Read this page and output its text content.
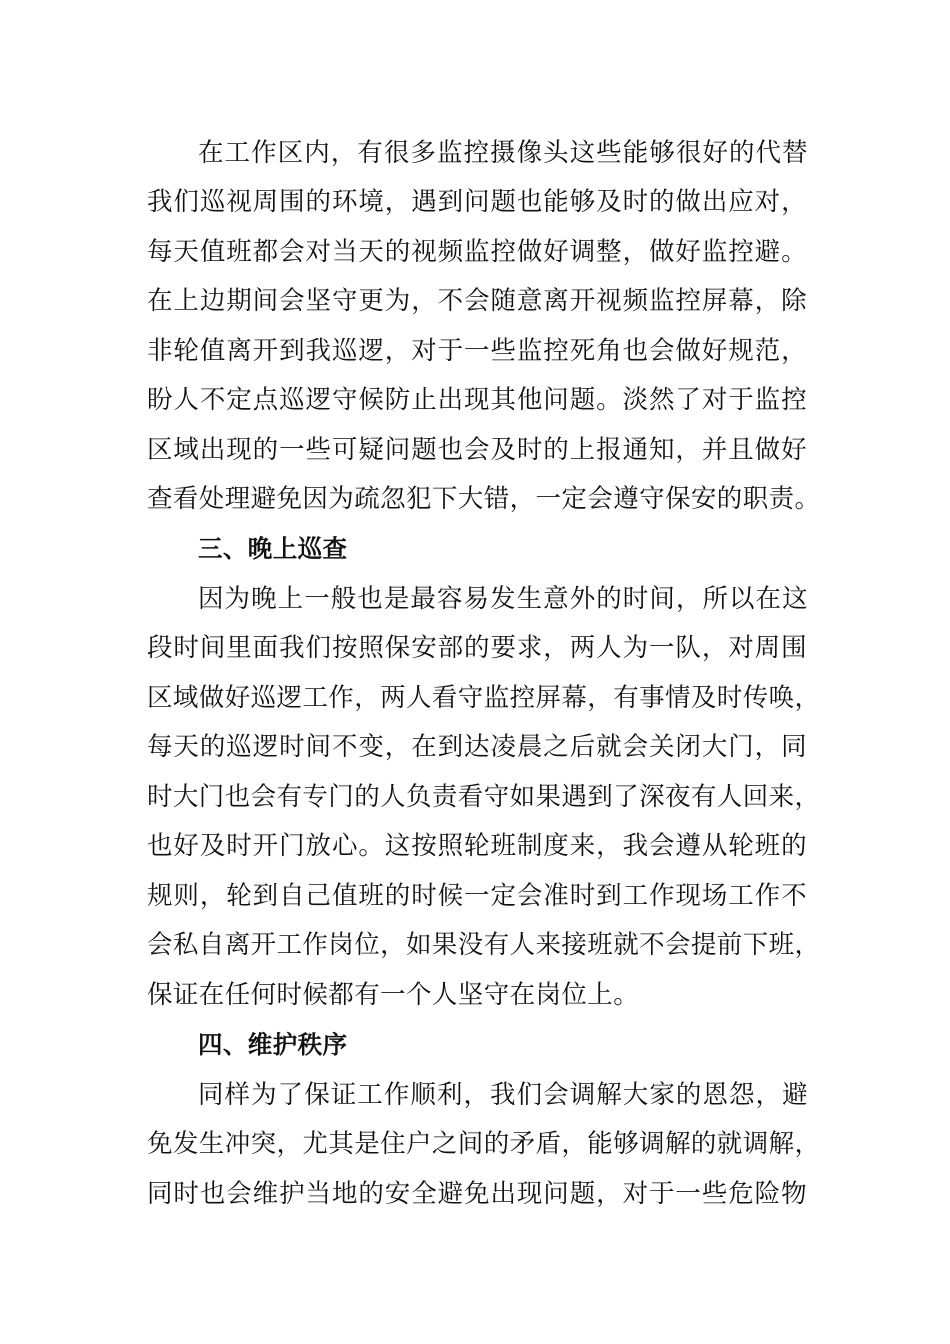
在工作区内，有很多监控摄像头这些能够很好的代替
我们巡视周围的环境，遇到问题也能够及时的做出应对，
每天值班都会对当天的视频监控做好调整，做好监控避。
在上边期间会坚守更为，不会随意离开视频监控屏幕，除
非轮值离开到我巡逻，对于一些监控死角也会做好规范，
盼人不定点巡逻守候防止出现其他问题。淡然了对于监控
区域出现的一些可疑问题也会及时的上报通知，并且做好
查看处理避免因为疏忽犯下大错，一定会遵守保安的职责。
三、晚上巡查
因为晚上一般也是最容易发生意外的时间，所以在这
段时间里面我们按照保安部的要求，两人为一队，对周围
区域做好巡逻工作，两人看守监控屏幕，有事情及时传唤，
每天的巡逻时间不变，在到达凌晨之后就会关闭大门，同
时大门也会有专门的人负责看守如果遇到了深夜有人回来，
也好及时开门放心。这按照轮班制度来，我会遵从轮班的
规则，轮到自己值班的时候一定会准时到工作现场工作不
会私自离开工作岗位，如果没有人来接班就不会提前下班，
保证在任何时候都有一个人坚守在岗位上。
四、维护秩序
同样为了保证工作顺利，我们会调解大家的恩怨，避
免发生冲突，尤其是住户之间的矛盾，能够调解的就调解，
同时也会维护当地的安全避免出现问题，对于一些危险物
